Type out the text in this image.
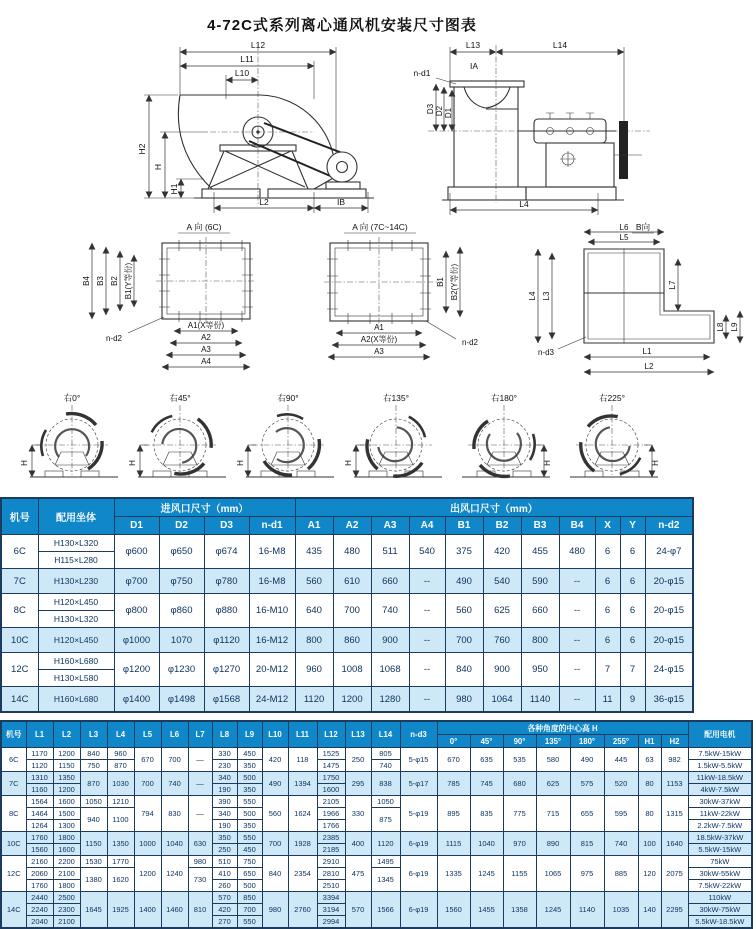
4-72C式系列离心通风机安装尺寸图表
L12
L11
L10
H2
H
H1
L2	IB
L13	L14
IA
n-d1
D3 D2 D1
L4
A 向 (6C)
B4 B3 B2 B1(Y等份)
A1(X等份)
A2
A3
A4
n-d2
A 向 (7C~14C)
B1 B2(Y等份)
A1
A2(X等份)
A3
n-d2
B向
L6
L5
L4 L3
L7
L8 L9
L1
L2
n-d3
右0°
H
右45°
H
右90°
H
右135°
H
右180°
H
右225°
H
机号	配用坐体	进风口尺寸（mm）				出风口尺寸（mm）										
		D1	D2	D3	n-d1	A1	A2	A3	A4	B1	B2	B3	B4	X	Y	n-d2
6C	H130×L320	φ600	φ650	φ674	16-M8	435	480	511	540	375	420	455	480	6	6	24-φ7
	H115×L280															
7C	H130×L230	φ700	φ750	φ780	16-M8	560	610	660	--	490	540	590	--	6	6	20-φ15
8C	H120×L450	φ800	φ860	φ880	16-M10	640	700	740	--	560	625	660	--	6	6	20-φ15
	H130×L320															
10C	H120×L450	φ1000	1070	φ1120	16-M12	800	860	900	--	700	760	800	--	6	6	20-φ15
12C	H160×L680	φ1200	φ1230	φ1270	20-M12	960	1008	1068	--	840	900	950	--	7	7	24-φ15
	H130×L580															
14C	H160×L680	φ1400	φ1498	φ1568	24-M12	1120	1200	1280	--	980	1064	1140	--	11	9	36-φ15
机号	L1	L2	L3	L4	L5	L6	L7	L8	L9	L10	L11	L12	L13	L14	n-d3	各种角度的中心高 H								配用电机
																0°	45°	90°	135°	180°	255°	H1	H2	
6C	1170	1200	840	960	670	700	—	330	450	420	118	1525	250	805	5-φ15	670	635	535	580	490	445	63	982	7.5kW-15kW
	1120	1150	750	870				230	350			1475		740										1.5kW-5.5kW
7C	1310	1350	870	1030	700	740	—	340	500	490	1394	1750	295	838	5-φ17	785	745	680	625	575	520	80	1153	11kW-18.5kW
	1160	1200						190	350			1600												4kW-7.5kW
8C	1564	1600	1050	1210	794	830	—	390	550	560	1624	2105	330	1050	5-φ19	895	835	775	715	655	595	80	1315	30kW-37kW
	1464	1500	940	1100				340	500			1966		875										11kW-22kW
	1264	1300						190	350			1766												2.2kW-7.5kW
10C	1760	1800	1150	1350	1000	1040	630	350	550	700	1928	2385	400	1120	6-φ19	1115	1040	970	890	815	740	100	1640	18.5kW-37kW
	1560	1600						250	450			2185												5.5kW-15kW
12C	2160	2200	1530	1770	1200	1240	980	510	750	840	2354	2910	475	1495	6-φ19	1335	1245	1155	1065	975	885	120	2075	75kW
	2060	2100	1380	1620			730	410	650			2810		1345										30kW-55kW
	1760	1800						260	500			2510												7.5kW-22kW
14C	2440	2500	1645	1925	1400	1460	810	570	850	980	2760	3394	570	1566	6-φ19	1560	1455	1358	1245	1140	1035	140	2295	110kW
	2240	2300						420	700			3194												30kW-75kW
	2040	2100						270	550			2994												5.5kW-18.5kW
